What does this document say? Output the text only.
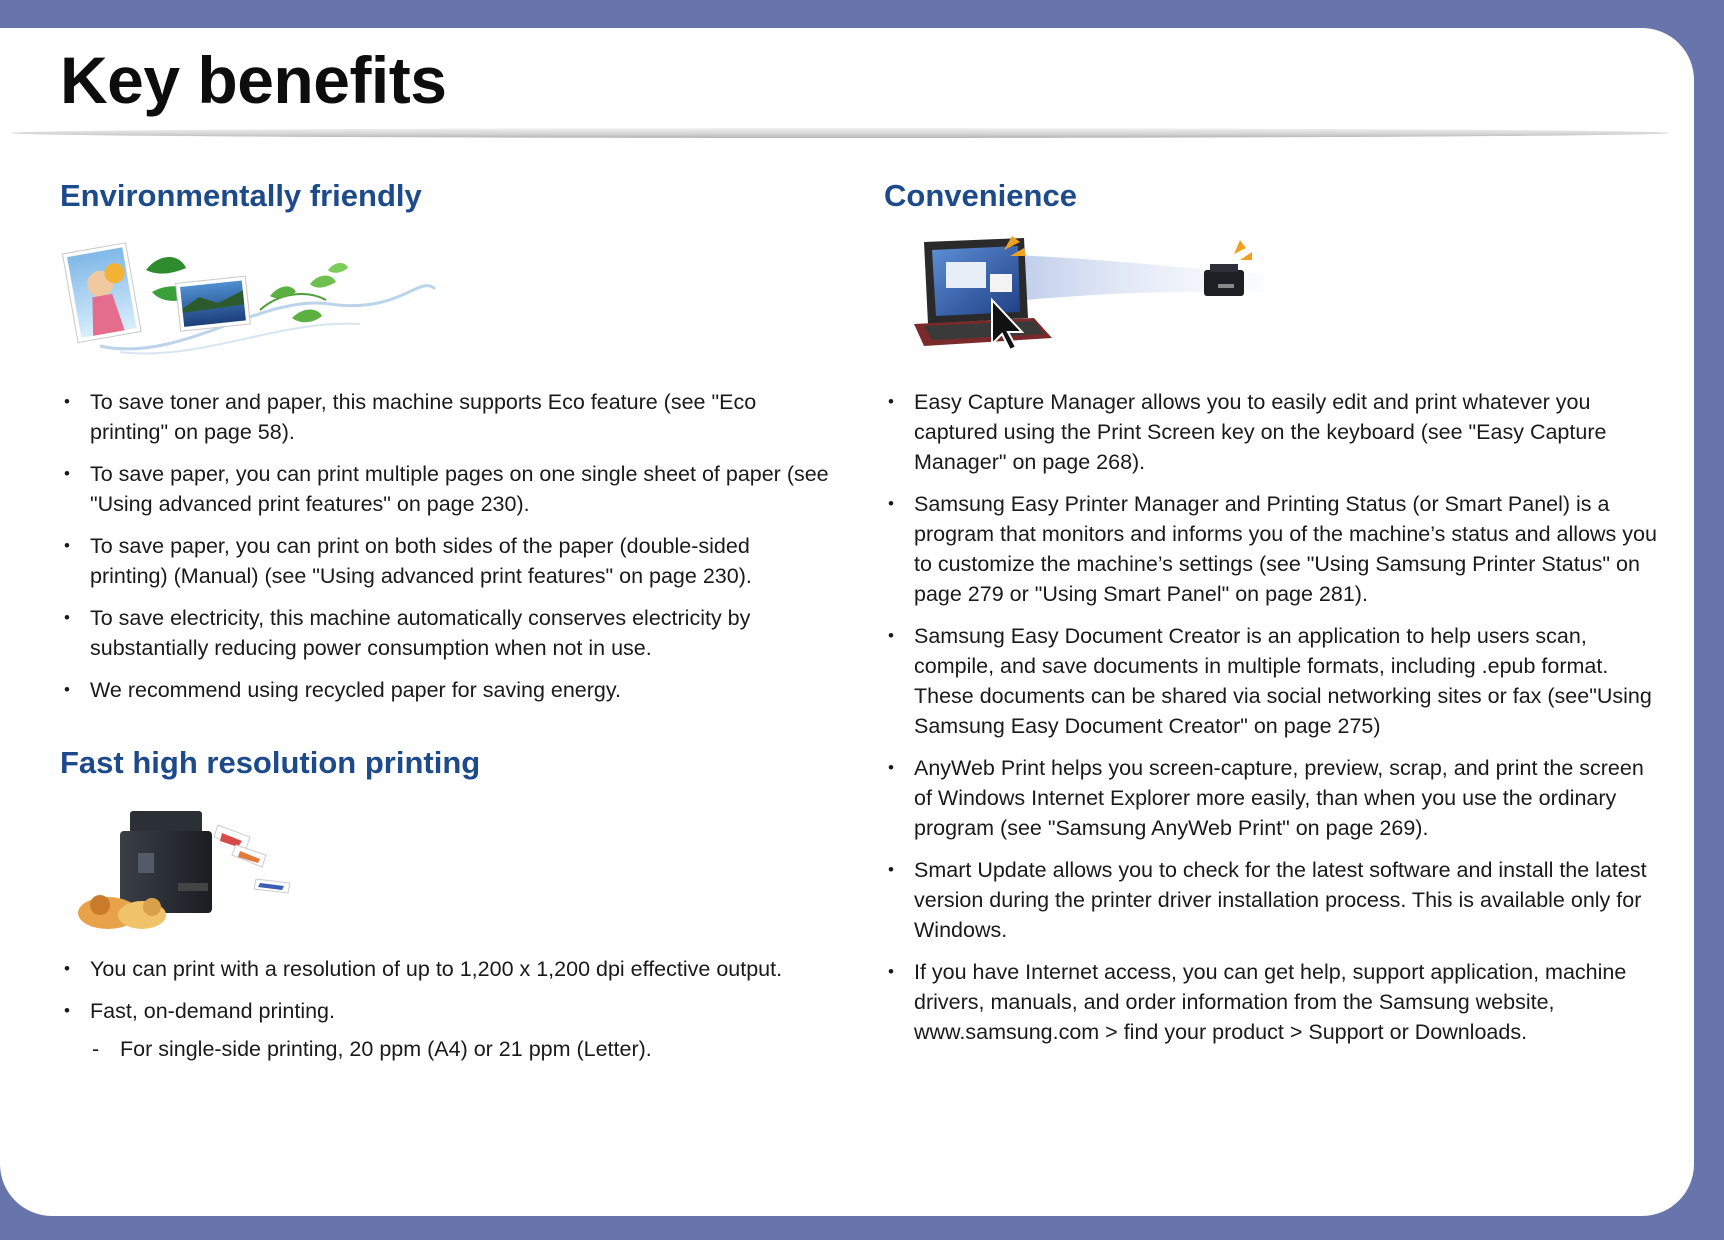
Key benefits
Environmentally friendly
• To save toner and paper, this machine supports Eco feature (see "Eco printing" on page 58).
• To save paper, you can print multiple pages on one single sheet of paper (see "Using advanced print features" on page 230).
• To save paper, you can print on both sides of the paper (double-sided printing) (Manual) (see "Using advanced print features" on page 230).
• To save electricity, this machine automatically conserves electricity by substantially reducing power consumption when not in use.
• We recommend using recycled paper for saving energy.
Fast high resolution printing
• You can print with a resolution of up to 1,200 x 1,200 dpi effective output.
• Fast, on-demand printing.
- For single-side printing, 20 ppm (A4) or 21 ppm (Letter).
Convenience
• Easy Capture Manager allows you to easily edit and print whatever you captured using the Print Screen key on the keyboard (see "Easy Capture Manager" on page 268).
• Samsung Easy Printer Manager and Printing Status (or Smart Panel) is a program that monitors and informs you of the machine’s status and allows you to customize the machine’s settings (see "Using Samsung Printer Status" on page 279 or "Using Smart Panel" on page 281).
• Samsung Easy Document Creator is an application to help users scan, compile, and save documents in multiple formats, including .epub format. These documents can be shared via social networking sites or fax (see"Using Samsung Easy Document Creator" on page 275)
• AnyWeb Print helps you screen-capture, preview, scrap, and print the screen of Windows Internet Explorer more easily, than when you use the ordinary program (see "Samsung AnyWeb Print" on page 269).
• Smart Update allows you to check for the latest software and install the latest version during the printer driver installation process. This is available only for Windows.
• If you have Internet access, you can get help, support application, machine drivers, manuals, and order information from the Samsung website, www.samsung.com > find your product > Support or Downloads.
